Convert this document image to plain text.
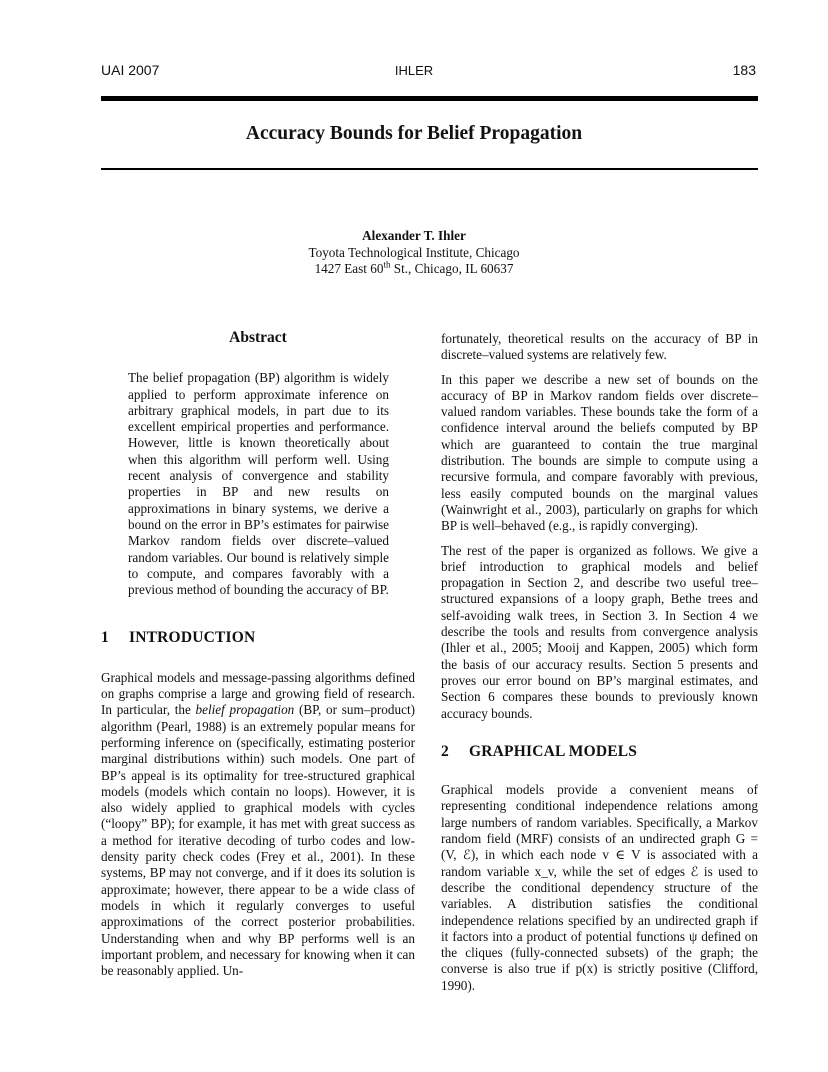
UAI 2007	IHLER	183
Accuracy Bounds for Belief Propagation
Alexander T. Ihler
Toyota Technological Institute, Chicago
1427 East 60th St., Chicago, IL 60637
Abstract

The belief propagation (BP) algorithm is widely applied to perform approximate inference on arbitrary graphical models, in part due to its excellent empirical properties and performance. However, little is known theoretically about when this algorithm will perform well. Using recent analysis of convergence and stability properties in BP and new results on approximations in binary systems, we derive a bound on the error in BP’s estimates for pairwise Markov random fields over discrete–valued random variables. Our bound is relatively simple to compute, and compares favorably with a previous method of bounding the accuracy of BP.

1 INTRODUCTION

Graphical models and message-passing algorithms defined on graphs comprise a large and growing field of research. In particular, the belief propagation (BP, or sum–product) algorithm (Pearl, 1988) is an extremely popular means for performing inference on (specifically, estimating posterior marginal distributions within) such models. One part of BP’s appeal is its optimality for tree-structured graphical models (models which contain no loops). However, it is also widely applied to graphical models with cycles (“loopy” BP); for example, it has met with great success as a method for iterative decoding of turbo codes and low-density parity check codes (Frey et al., 2001). In these systems, BP may not converge, and if it does its solution is approximate; however, there appear to be a wide class of models in which it regularly converges to useful approximations of the correct posterior probabilities. Understanding when and why BP performs well is an important problem, and necessary for knowing when it can be reasonably applied. Un-

fortunately, theoretical results on the accuracy of BP in discrete–valued systems are relatively few.

In this paper we describe a new set of bounds on the accuracy of BP in Markov random fields over discrete–valued random variables. These bounds take the form of a confidence interval around the beliefs computed by BP which are guaranteed to contain the true marginal distribution. The bounds are simple to compute using a recursive formula, and compare favorably with previous, less easily computed bounds on the marginal values (Wainwright et al., 2003), particularly on graphs for which BP is well–behaved (e.g., is rapidly converging).

The rest of the paper is organized as follows. We give a brief introduction to graphical models and belief propagation in Section 2, and describe two useful tree–structured expansions of a loopy graph, Bethe trees and self-avoiding walk trees, in Section 3. In Section 4 we describe the tools and results from convergence analysis (Ihler et al., 2005; Mooij and Kappen, 2005) which form the basis of our accuracy results. Section 5 presents and proves our error bound on BP’s marginal estimates, and Section 6 compares these bounds to previously known accuracy bounds.

2 GRAPHICAL MODELS

Graphical models provide a convenient means of representing conditional independence relations among large numbers of random variables. Specifically, a Markov random field (MRF) consists of an undirected graph G = (V, ℰ), in which each node v ∈ V is associated with a random variable x_v, while the set of edges ℰ is used to describe the conditional dependency structure of the variables. A distribution satisfies the conditional independence relations specified by an undirected graph if it factors into a product of potential functions ψ defined on the cliques (fully-connected subsets) of the graph; the converse is also true if p(x) is strictly positive (Clifford, 1990).
